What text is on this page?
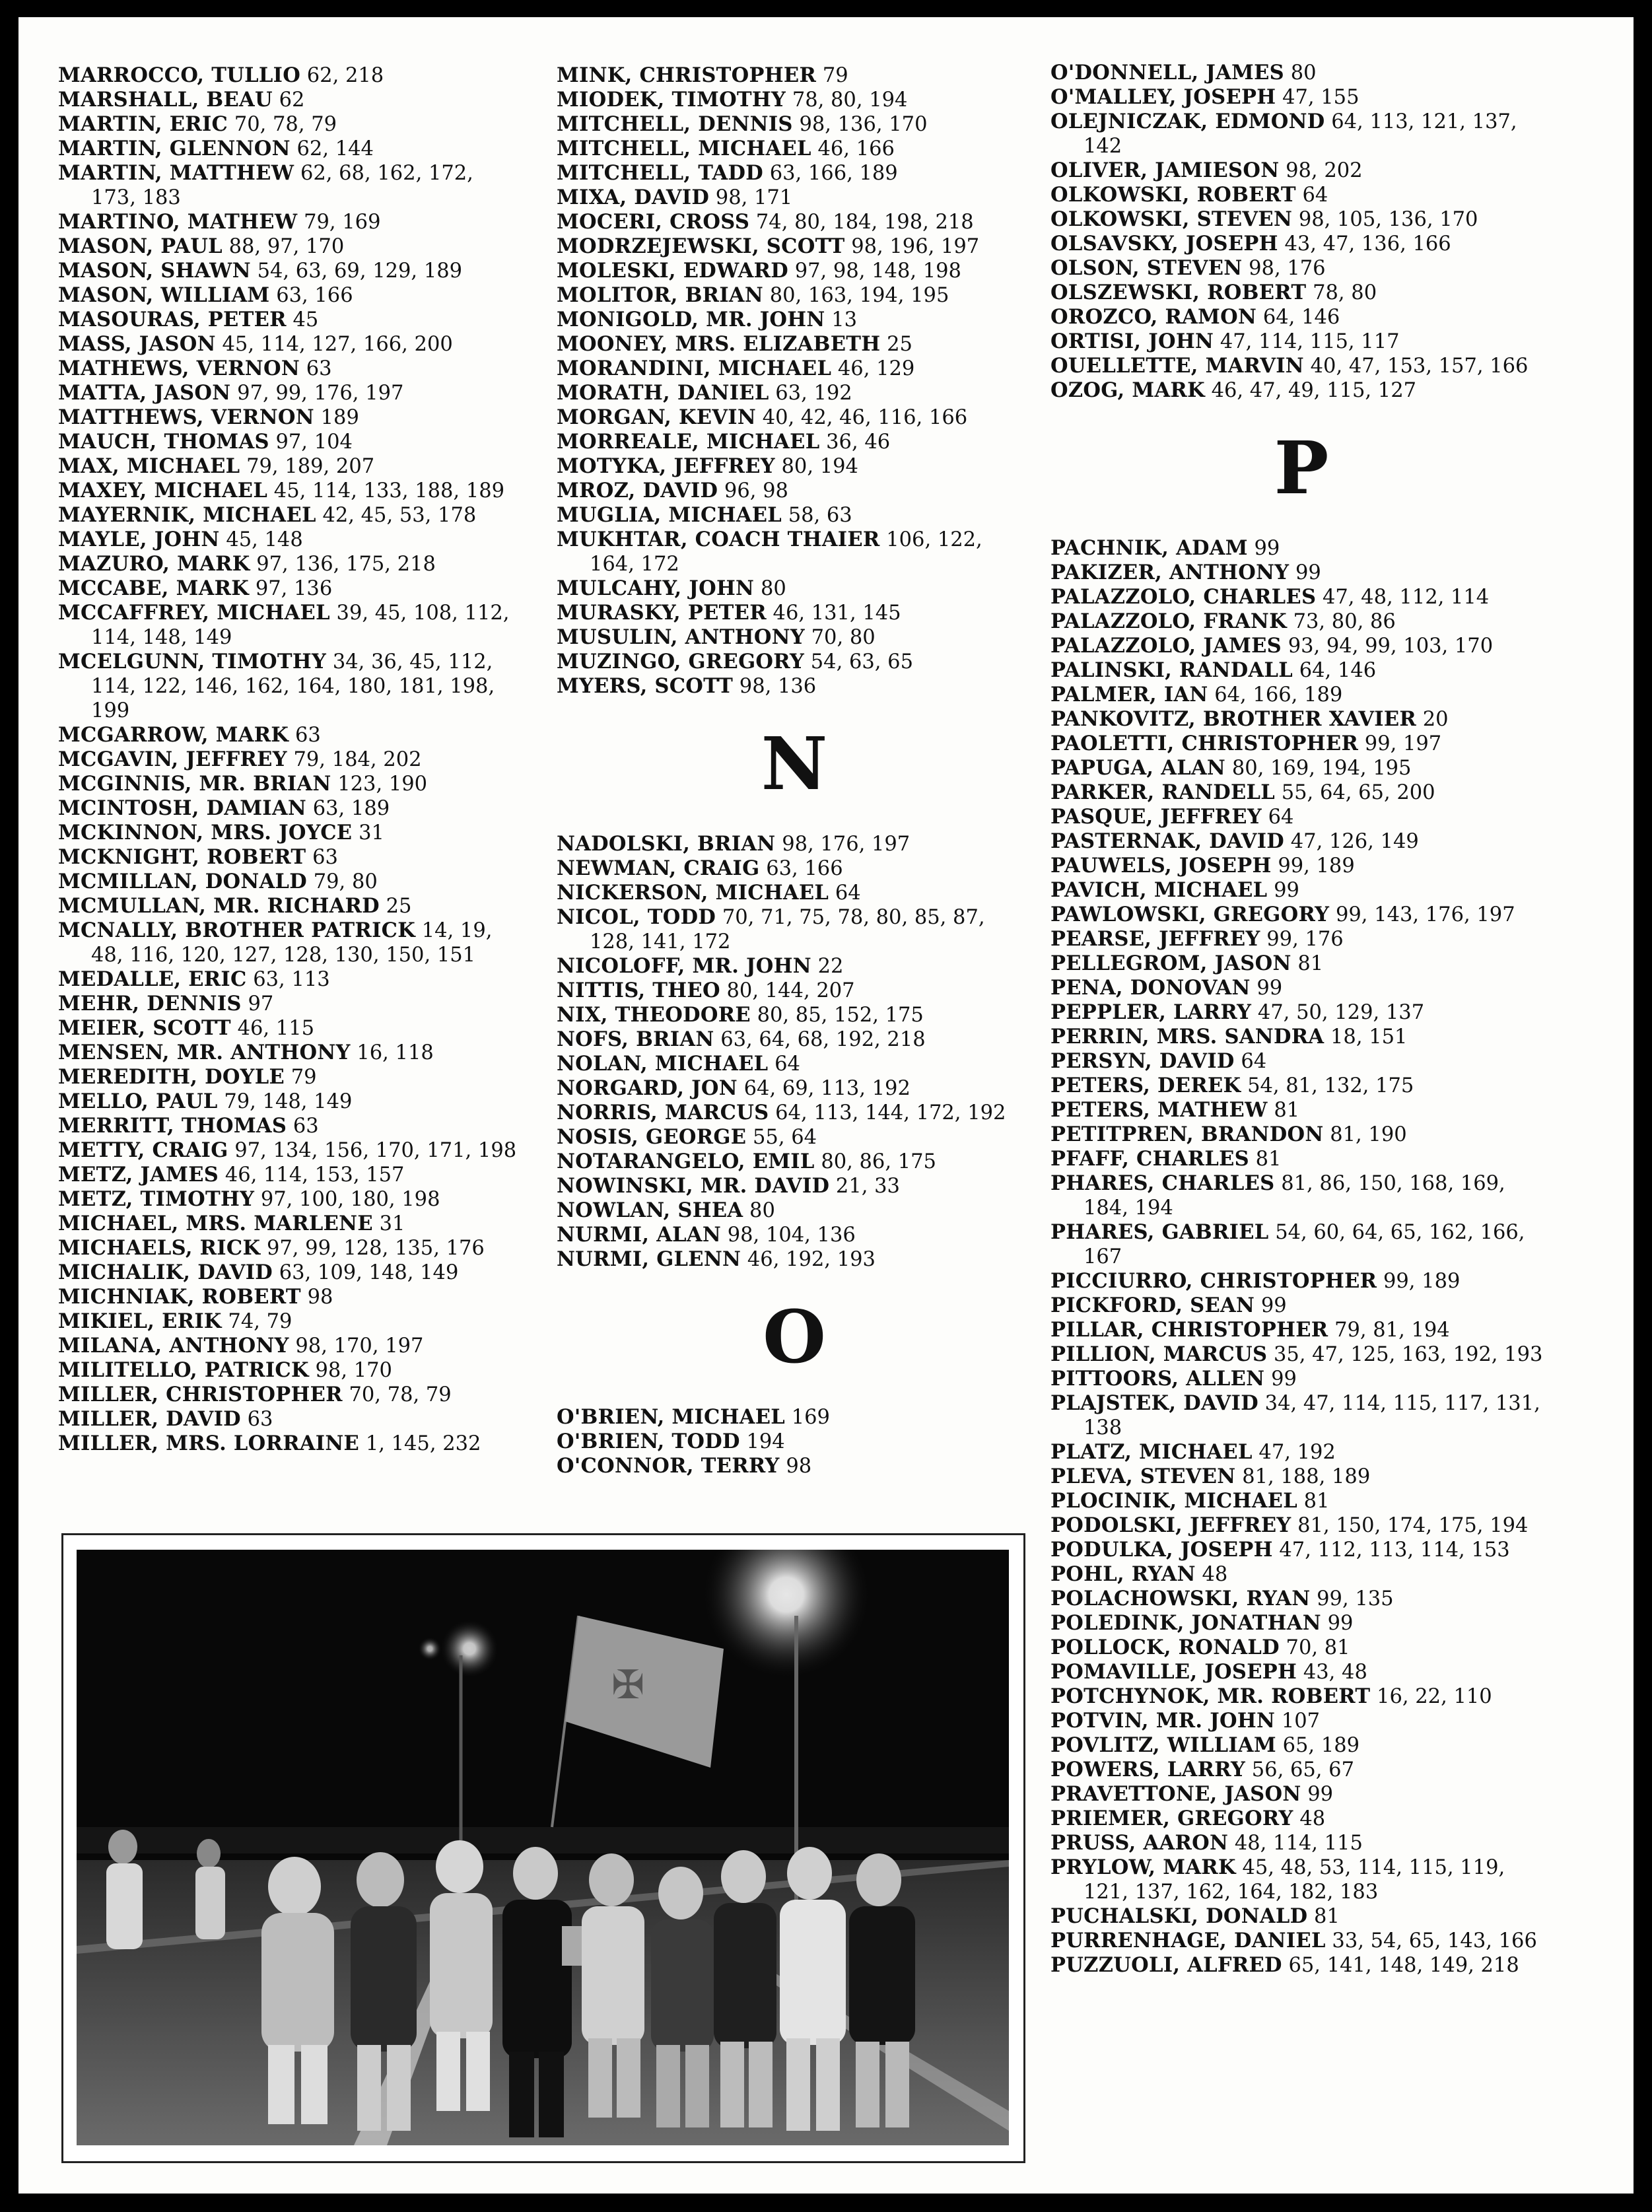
MARROCCO, TULLIO 62, 218
MARSHALL, BEAU 62
MARTIN, ERIC 70, 78, 79
MARTIN, GLENNON 62, 144
MARTIN, MATTHEW 62, 68, 162, 172, 173, 183
MARTINO, MATHEW 79, 169
MASON, PAUL 88, 97, 170
MASON, SHAWN 54, 63, 69, 129, 189
MASON, WILLIAM 63, 166
MASOURAS, PETER 45
MASS, JASON 45, 114, 127, 166, 200
MATHEWS, VERNON 63
MATTA, JASON 97, 99, 176, 197
MATTHEWS, VERNON 189
MAUCH, THOMAS 97, 104
MAX, MICHAEL 79, 189, 207
MAXEY, MICHAEL 45, 114, 133, 188, 189
MAYERNIK, MICHAEL 42, 45, 53, 178
MAYLE, JOHN 45, 148
MAZURO, MARK 97, 136, 175, 218
MCCABE, MARK 97, 136
MCCAFFREY, MICHAEL 39, 45, 108, 112, 114, 148, 149
MCELGUNN, TIMOTHY 34, 36, 45, 112, 114, 122, 146, 162, 164, 180, 181, 198, 199
MCGARROW, MARK 63
MCGAVIN, JEFFREY 79, 184, 202
MCGINNIS, MR. BRIAN 123, 190
MCINTOSH, DAMIAN 63, 189
MCKINNON, MRS. JOYCE 31
MCKNIGHT, ROBERT 63
MCMILLAN, DONALD 79, 80
MCMULLAN, MR. RICHARD 25
MCNALLY, BROTHER PATRICK 14, 19, 48, 116, 120, 127, 128, 130, 150, 151
MEDALLE, ERIC 63, 113
MEHR, DENNIS 97
MEIER, SCOTT 46, 115
MENSEN, MR. ANTHONY 16, 118
MEREDITH, DOYLE 79
MELLO, PAUL 79, 148, 149
MERRITT, THOMAS 63
METTY, CRAIG 97, 134, 156, 170, 171, 198
METZ, JAMES 46, 114, 153, 157
METZ, TIMOTHY 97, 100, 180, 198
MICHAEL, MRS. MARLENE 31
MICHAELS, RICK 97, 99, 128, 135, 176
MICHALIK, DAVID 63, 109, 148, 149
MICHNIAK, ROBERT 98
MIKIEL, ERIK 74, 79
MILANA, ANTHONY 98, 170, 197
MILITELLO, PATRICK 98, 170
MILLER, CHRISTOPHER 70, 78, 79
MILLER, DAVID 63
MILLER, MRS. LORRAINE 1, 145, 232
MINK, CHRISTOPHER 79
MIODEK, TIMOTHY 78, 80, 194
MITCHELL, DENNIS 98, 136, 170
MITCHELL, MICHAEL 46, 166
MITCHELL, TADD 63, 166, 189
MIXA, DAVID 98, 171
MOCERI, CROSS 74, 80, 184, 198, 218
MODRZEJEWSKI, SCOTT 98, 196, 197
MOLESKI, EDWARD 97, 98, 148, 198
MOLITOR, BRIAN 80, 163, 194, 195
MONIGOLD, MR. JOHN 13
MOONEY, MRS. ELIZABETH 25
MORANDINI, MICHAEL 46, 129
MORATH, DANIEL 63, 192
MORGAN, KEVIN 40, 42, 46, 116, 166
MORREALE, MICHAEL 36, 46
MOTYKA, JEFFREY 80, 194
MROZ, DAVID 96, 98
MUGLIA, MICHAEL 58, 63
MUKHTAR, COACH THAIER 106, 122, 164, 172
MULCAHY, JOHN 80
MURASKY, PETER 46, 131, 145
MUSULIN, ANTHONY 70, 80
MUZINGO, GREGORY 54, 63, 65
MYERS, SCOTT 98, 136
N
NADOLSKI, BRIAN 98, 176, 197
NEWMAN, CRAIG 63, 166
NICKERSON, MICHAEL 64
NICOL, TODD 70, 71, 75, 78, 80, 85, 87, 128, 141, 172
NICOLOFF, MR. JOHN 22
NITTIS, THEO 80, 144, 207
NIX, THEODORE 80, 85, 152, 175
NOFS, BRIAN 63, 64, 68, 192, 218
NOLAN, MICHAEL 64
NORGARD, JON 64, 69, 113, 192
NORRIS, MARCUS 64, 113, 144, 172, 192
NOSIS, GEORGE 55, 64
NOTARANGELO, EMIL 80, 86, 175
NOWINSKI, MR. DAVID 21, 33
NOWLAN, SHEA 80
NURMI, ALAN 98, 104, 136
NURMI, GLENN 46, 192, 193
O
O'BRIEN, MICHAEL 169
O'BRIEN, TODD 194
O'CONNOR, TERRY 98
O'DONNELL, JAMES 80
O'MALLEY, JOSEPH 47, 155
OLEJNICZAK, EDMOND 64, 113, 121, 137, 142
OLIVER, JAMIESON 98, 202
OLKOWSKI, ROBERT 64
OLKOWSKI, STEVEN 98, 105, 136, 170
OLSAVSKY, JOSEPH 43, 47, 136, 166
OLSON, STEVEN 98, 176
OLSZEWSKI, ROBERT 78, 80
OROZCO, RAMON 64, 146
ORTISI, JOHN 47, 114, 115, 117
OUELLETTE, MARVIN 40, 47, 153, 157, 166
OZOG, MARK 46, 47, 49, 115, 127
P
PACHNIK, ADAM 99
PAKIZER, ANTHONY 99
PALAZZOLO, CHARLES 47, 48, 112, 114
PALAZZOLO, FRANK 73, 80, 86
PALAZZOLO, JAMES 93, 94, 99, 103, 170
PALINSKI, RANDALL 64, 146
PALMER, IAN 64, 166, 189
PANKOVITZ, BROTHER XAVIER 20
PAOLETTI, CHRISTOPHER 99, 197
PAPUGA, ALAN 80, 169, 194, 195
PARKER, RANDELL 55, 64, 65, 200
PASQUE, JEFFREY 64
PASTERNAK, DAVID 47, 126, 149
PAUWELS, JOSEPH 99, 189
PAVICH, MICHAEL 99
PAWLOWSKI, GREGORY 99, 143, 176, 197
PEARSE, JEFFREY 99, 176
PELLEGROM, JASON 81
PENA, DONOVAN 99
PEPPLER, LARRY 47, 50, 129, 137
PERRIN, MRS. SANDRA 18, 151
PERSYN, DAVID 64
PETERS, DEREK 54, 81, 132, 175
PETERS, MATHEW 81
PETITPREN, BRANDON 81, 190
PFAFF, CHARLES 81
PHARES, CHARLES 81, 86, 150, 168, 169, 184, 194
PHARES, GABRIEL 54, 60, 64, 65, 162, 166, 167
PICCIURRO, CHRISTOPHER 99, 189
PICKFORD, SEAN 99
PILLAR, CHRISTOPHER 79, 81, 194
PILLION, MARCUS 35, 47, 125, 163, 192, 193
PITTOORS, ALLEN 99
PLAJSTEK, DAVID 34, 47, 114, 115, 117, 131, 138
PLATZ, MICHAEL 47, 192
PLEVA, STEVEN 81, 188, 189
PLOCINIK, MICHAEL 81
PODOLSKI, JEFFREY 81, 150, 174, 175, 194
PODULKA, JOSEPH 47, 112, 113, 114, 153
POHL, RYAN 48
POLACHOWSKI, RYAN 99, 135
POLEDINK, JONATHAN 99
POLLOCK, RONALD 70, 81
POMAVILLE, JOSEPH 43, 48
POTCHYNOK, MR. ROBERT 16, 22, 110
POTVIN, MR. JOHN 107
POVLITZ, WILLIAM 65, 189
POWERS, LARRY 56, 65, 67
PRAVETTONE, JASON 99
PRIEMER, GREGORY 48
PRUSS, AARON 48, 114, 115
PRYLOW, MARK 45, 48, 53, 114, 115, 119, 121, 137, 162, 164, 182, 183
PUCHALSKI, DONALD 81
PURRENHAGE, DANIEL 33, 54, 65, 143, 166
PUZZUOLI, ALFRED 65, 141, 148, 149, 218
✠
